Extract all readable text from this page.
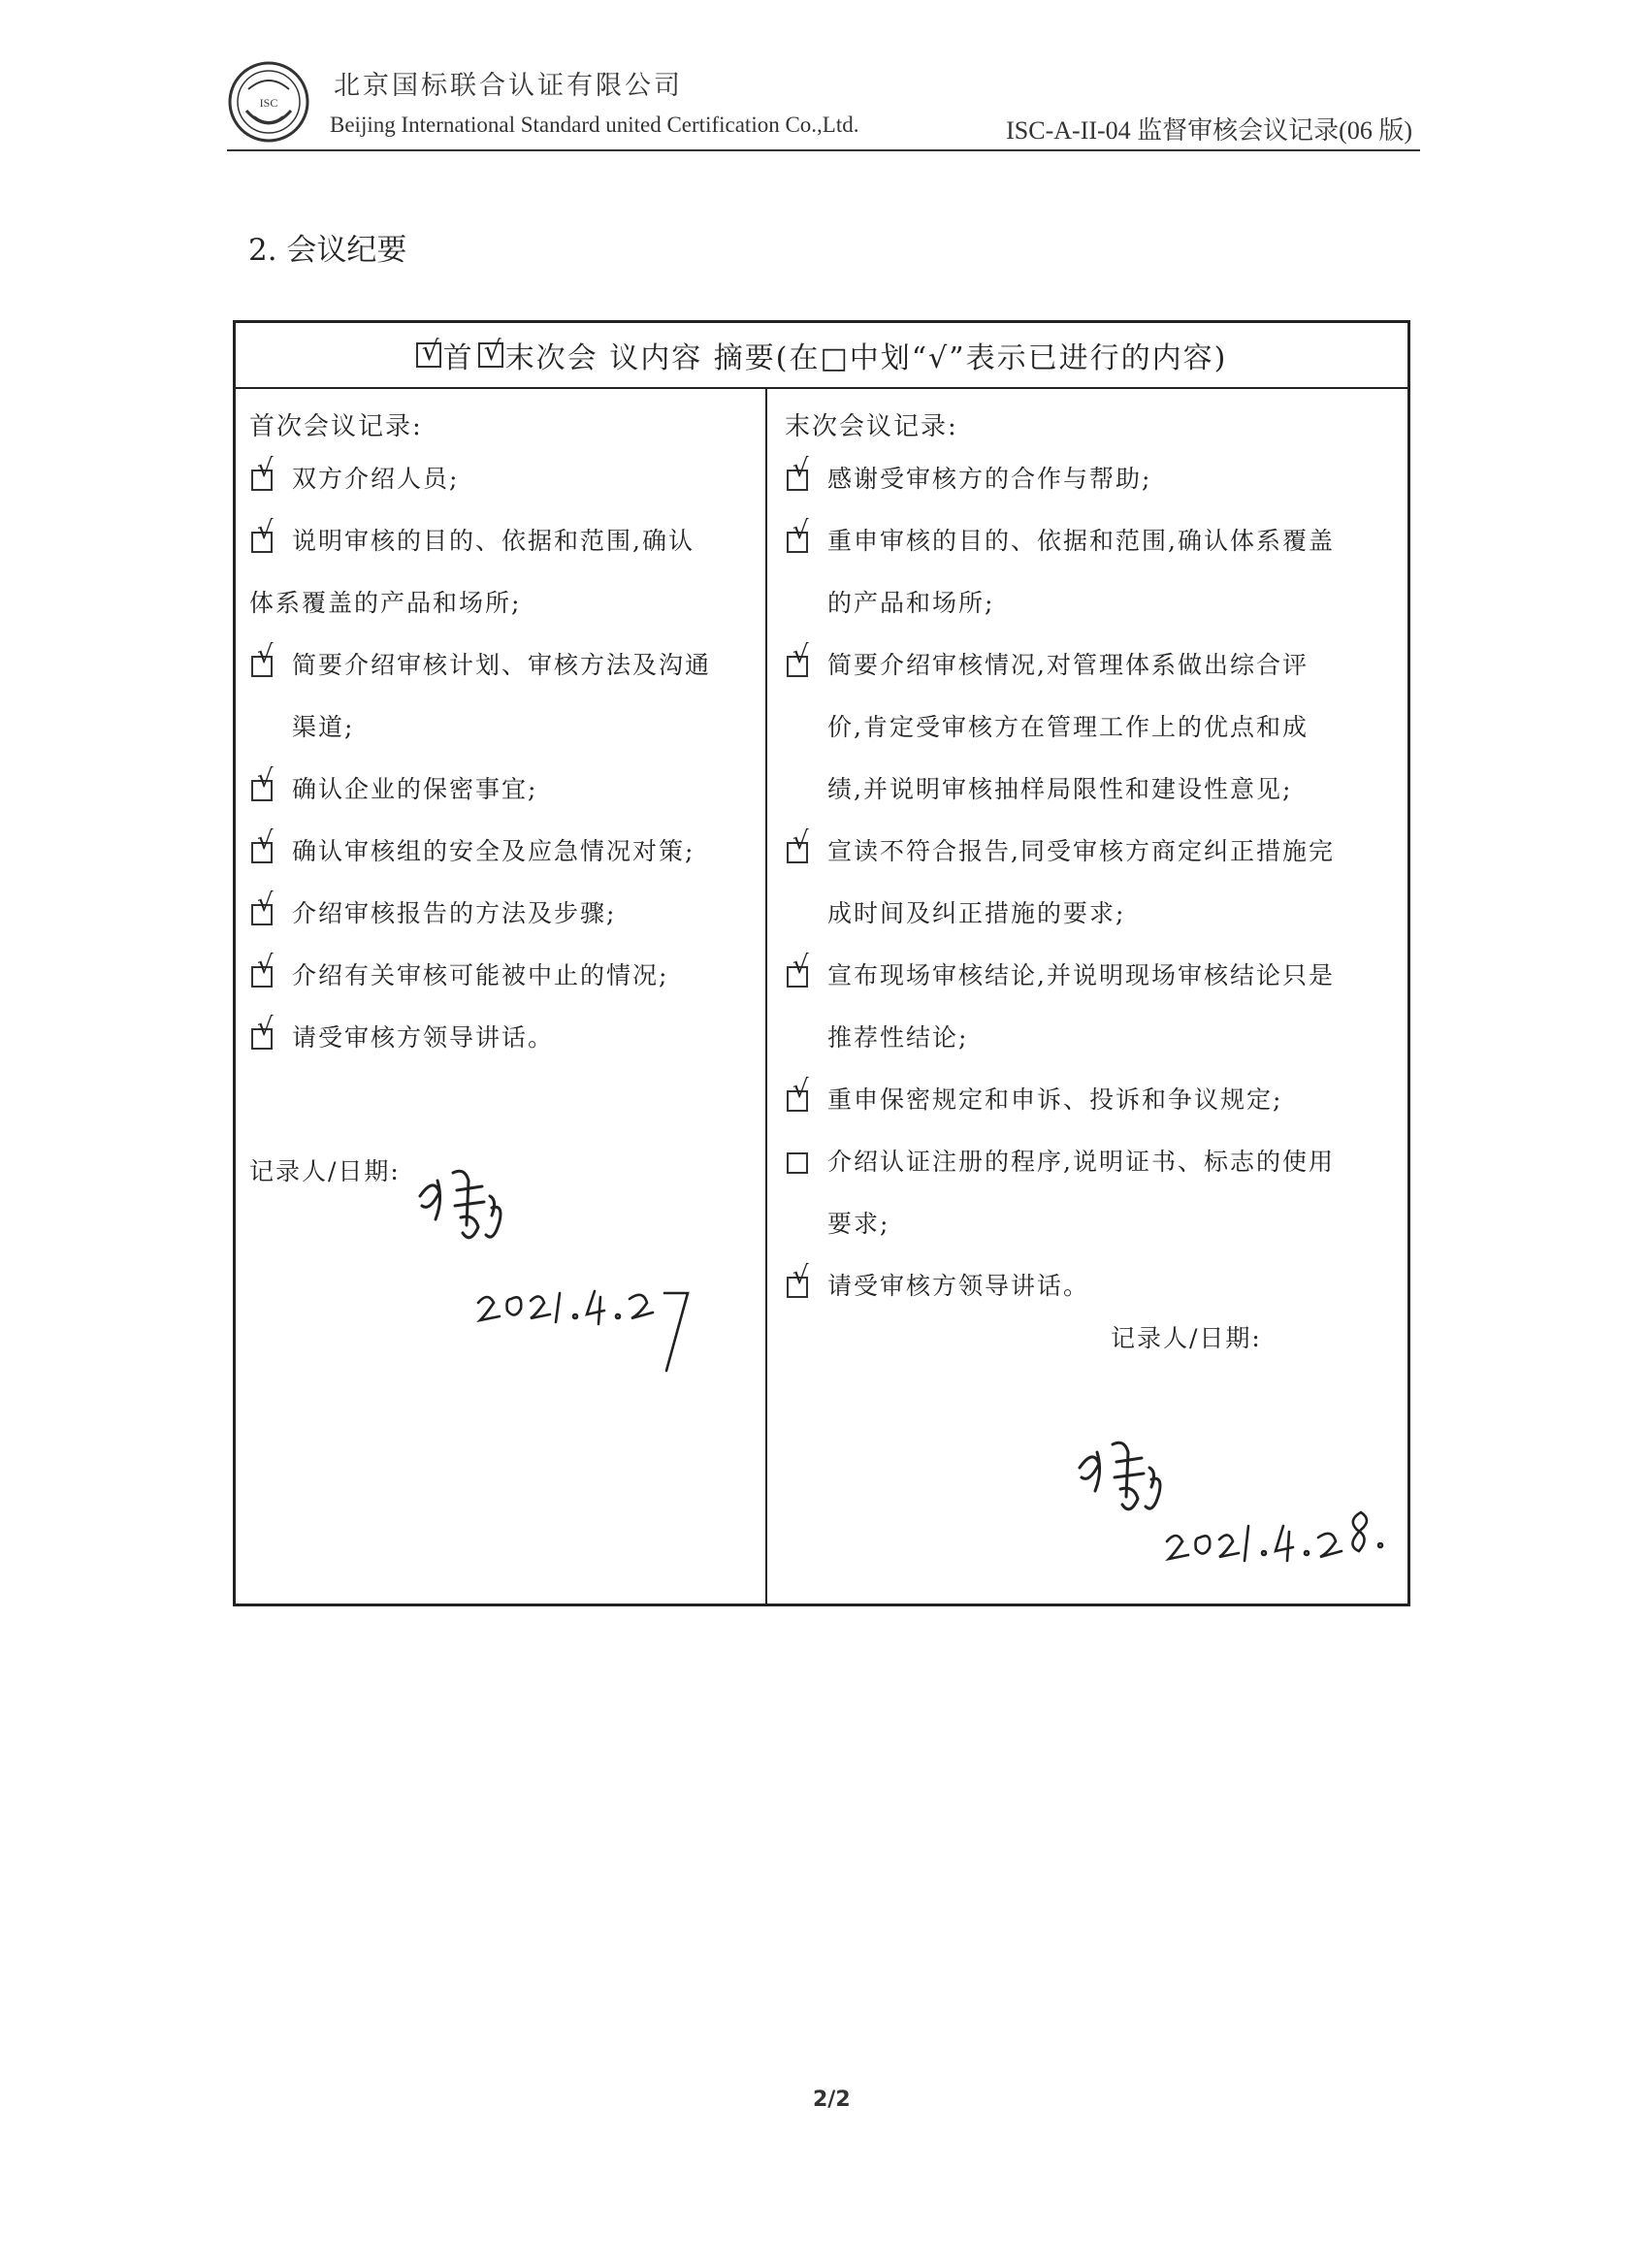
ISC
北京国标联合认证有限公司
Beijing International Standard united Certification Co.,Ltd.	ISC-A-II-04 监督审核会议记录(06 版)
2. 会议纪要
√ 首 √ 末次会 议内容 摘要(在□中划“√”表示已进行的内容)
首次会议记录:
√ 双方介绍人员;
√ 说明审核的目的、依据和范围,确认
体系覆盖的产品和场所;
√ 简要介绍审核计划、审核方法及沟通
渠道;
√ 确认企业的保密事宜;
√ 确认审核组的安全及应急情况对策;
√ 介绍审核报告的方法及步骤;
√ 介绍有关审核可能被中止的情况;
√ 请受审核方领导讲话。
记录人/日期:
末次会议记录:
√ 感谢受审核方的合作与帮助;
√ 重申审核的目的、依据和范围,确认体系覆盖
的产品和场所;
√ 简要介绍审核情况,对管理体系做出综合评
价,肯定受审核方在管理工作上的优点和成
绩,并说明审核抽样局限性和建设性意见;
√ 宣读不符合报告,同受审核方商定纠正措施完
成时间及纠正措施的要求;
√ 宣布现场审核结论,并说明现场审核结论只是
推荐性结论;
√ 重申保密规定和申诉、投诉和争议规定;
介绍认证注册的程序,说明证书、标志的使用
要求;
√ 请受审核方领导讲话。
记录人/日期:
2/2
